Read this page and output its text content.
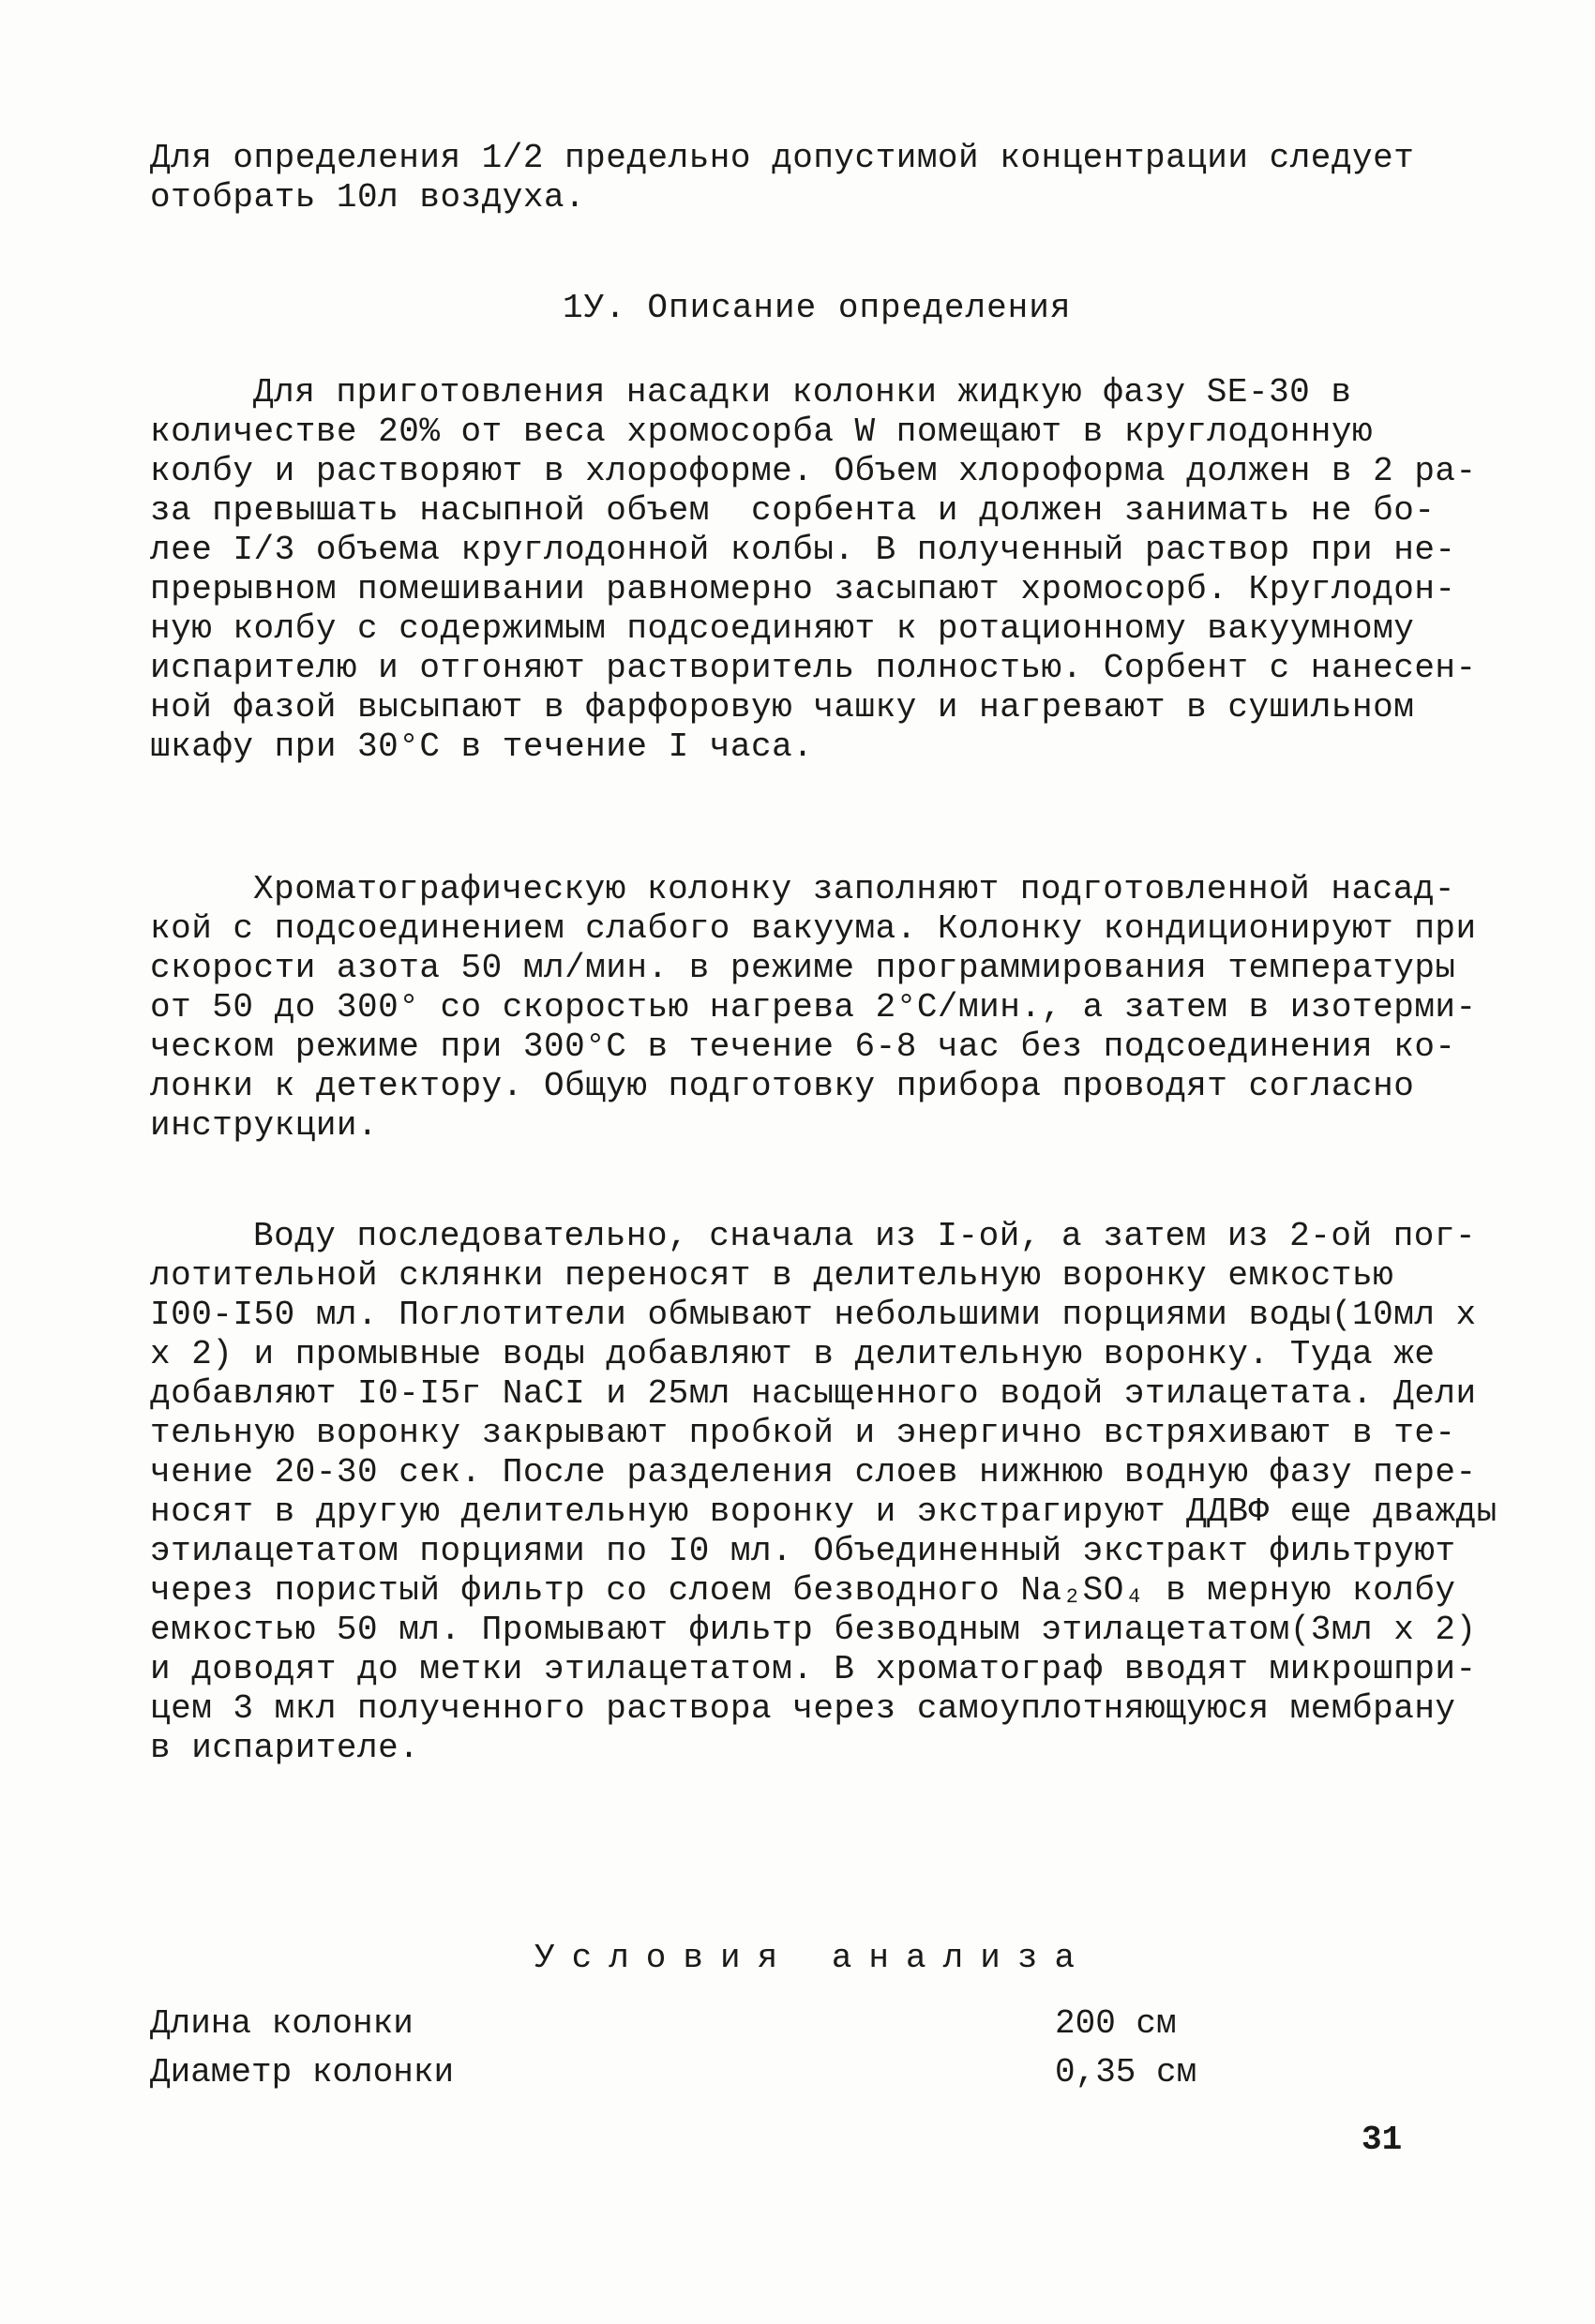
Для определения 1/2 предельно допустимой концентрации следует
отобрать 10л воздуха.
1У. Описание определения
Для приготовления насадки колонки жидкую фазу SE-30 в
количестве 20% от веса хромосорба W помещают в круглодонную
колбу и растворяют в хлороформе. Объем хлороформа должен в 2 ра-
за превышать насыпной объем  сорбента и должен занимать не бо-
лее I/3 объема круглодонной колбы. В полученный раствор при не-
прерывном помешивании равномерно засыпают хромосорб. Круглодон-
ную колбу с содержимым подсоединяют к ротационному вакуумному
испарителю и отгоняют растворитель полностью. Сорбент с нанесен-
ной фазой высыпают в фарфоровую чашку и нагревают в сушильном
шкафу при 30°С в течение I часа.
Хроматографическую колонку заполняют подготовленной насад-
кой с подсоединением слабого вакуума. Колонку кондиционируют при
скорости азота 50 мл/мин. в режиме программирования температуры
от 50 до 300° со скоростью нагрева 2°С/мин., а затем в изотерми-
ческом режиме при 300°С в течение 6-8 час без подсоединения ко-
лонки к детектору. Общую подготовку прибора проводят согласно
инструкции.
Воду последовательно, сначала из I-ой, а затем из 2-ой пог-
лотительной склянки переносят в делительную воронку емкостью
I00-I50 мл. Поглотители обмывают небольшими порциями воды(10мл х
х 2) и промывные воды добавляют в делительную воронку. Туда же
добавляют I0-I5г NaCI и 25мл насыщенного водой этилацетата. Дели
тельную воронку закрывают пробкой и энергично встряхивают в те-
чение 20-30 сек. После разделения слоев нижнюю водную фазу пере-
носят в другую делительную воронку и экстрагируют ДДВФ еще дважды
этилацетатом порциями по I0 мл. Объединенный экстракт фильтруют
через пористый фильтр со слоем безводного Na₂SO₄ в мерную колбу
емкостью 50 мл. Промывают фильтр безводным этилацетатом(3мл х 2)
и доводят до метки этилацетатом. В хроматограф вводят микрошпри-
цем 3 мкл полученного раствора через самоуплотняющуюся мембрану
в испарителе.
Условия анализа
Длина колонки	200 см
Диаметр колонки	0,35 см
31
